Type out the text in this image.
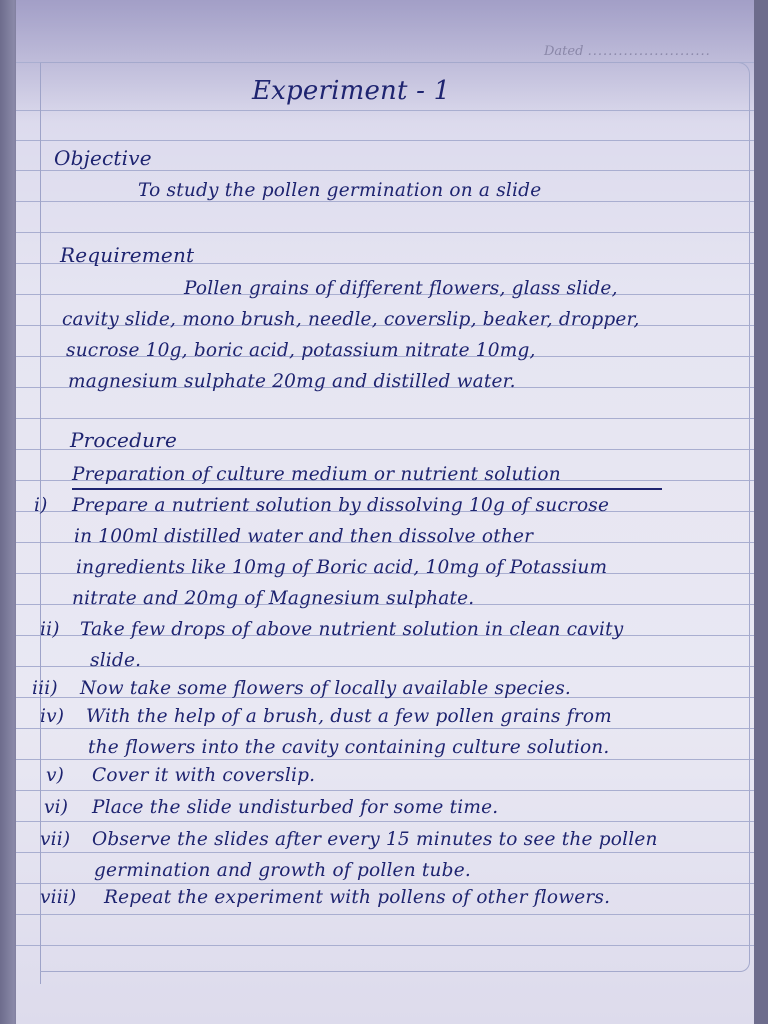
Dated ........................
Experiment - 1
Objective
To study the pollen germination on a slide
Requirement
Pollen grains of different flowers, glass slide,
cavity slide, mono brush, needle, coverslip, beaker, dropper,
sucrose 10g, boric acid, potassium nitrate 10mg,
magnesium sulphate 20mg and distilled water.
Procedure
Preparation of culture medium or nutrient solution
i) Prepare a nutrient solution by dissolving 10g of sucrose
in 100ml distilled water and then dissolve other
ingredients like 10mg of Boric acid, 10mg of Potassium
nitrate and 20mg of Magnesium sulphate.
ii) Take few drops of above nutrient solution in clean cavity
slide.
iii) Now take some flowers of locally available species.
iv) With the help of a brush, dust a few pollen grains from
the flowers into the cavity containing culture solution.
v) Cover it with coverslip.
vi) Place the slide undisturbed for some time.
vii) Observe the slides after every 15 minutes to see the pollen
germination and growth of pollen tube.
viii) Repeat the experiment with pollens of other flowers.
